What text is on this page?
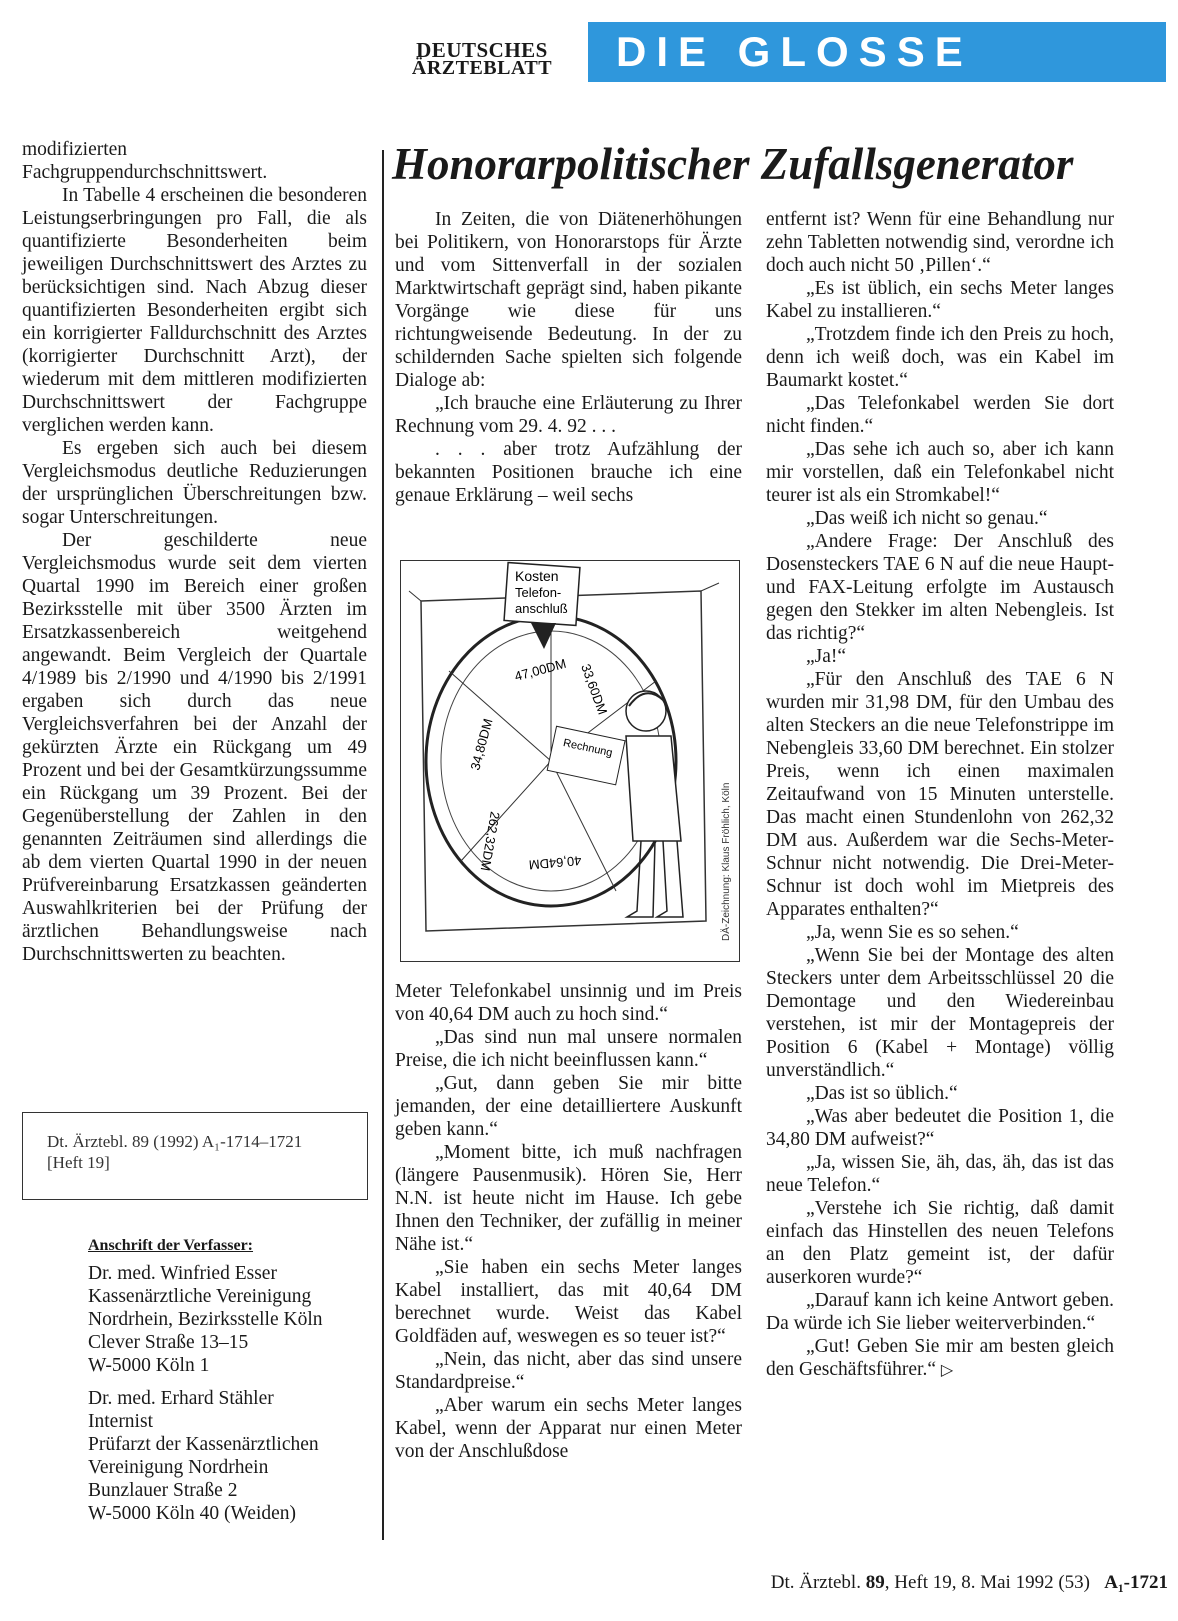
DEUTSCHES
ÄRZTEBLATT	DIE GLOSSE
Honorarpolitischer Zufallsgenerator

modifizierten Fachgruppendurchschnittswert.

In Tabelle 4 erscheinen die besonderen Leistungserbringungen pro Fall, die als quantifizierte Besonderheiten beim jeweiligen Durchschnittswert des Arztes zu berücksichtigen sind. Nach Abzug dieser quantifizierten Besonderheiten ergibt sich ein korrigierter Falldurchschnitt des Arztes (korrigierter Durchschnitt Arzt), der wiederum mit dem mittleren modifizierten Durchschnittswert der Fachgruppe verglichen werden kann.

Es ergeben sich auch bei diesem Vergleichsmodus deutliche Reduzierungen der ursprünglichen Überschreitungen bzw. sogar Unterschreitungen.

Der geschilderte neue Vergleichsmodus wurde seit dem vierten Quartal 1990 im Bereich einer großen Bezirksstelle mit über 3500 Ärzten im Ersatzkassenbereich weitgehend angewandt. Beim Vergleich der Quartale 4/1989 bis 2/1990 und 4/1990 bis 2/1991 ergaben sich durch das neue Vergleichsverfahren bei der Anzahl der gekürzten Ärzte ein Rückgang um 49 Prozent und bei der Gesamtkürzungssumme ein Rückgang um 39 Prozent. Bei der Gegenüberstellung der Zahlen in den genannten Zeiträumen sind allerdings die ab dem vierten Quartal 1990 in der neuen Prüfvereinbarung Ersatzkassen geänderten Auswahlkriterien bei der Prüfung der ärztlichen Behandlungsweise nach Durchschnittswerten zu beachten.

Dt. Ärztebl. 89 (1992) A₁-1714–1721
[Heft 19]
Anschrift der Verfasser:
Dr. med. Winfried Esser
Kassenärztliche Vereinigung
Nordrhein, Bezirksstelle Köln
Clever Straße 13–15
W-5000 Köln 1
Dr. med. Erhard Stähler
Internist
Prüfarzt der Kassenärztlichen
Vereinigung Nordrhein
Bunzlauer Straße 2
W-5000 Köln 40 (Weiden)

In Zeiten, die von Diätenerhöhungen bei Politikern, von Honorarstops für Ärzte und vom Sittenverfall in der sozialen Marktwirtschaft geprägt sind, haben pikante Vorgänge wie diese für uns richtungweisende Bedeutung. In der zu schildernden Sache spielten sich folgende Dialoge ab:

„Ich brauche eine Erläuterung zu Ihrer Rechnung vom 29. 4. 92 . . .

. . . aber trotz Aufzählung der bekannten Positionen brauche ich eine genaue Erklärung – weil sechs

Kosten
Telefon-
anschluß
47,00DM 33,60DM
34,80DM
262,32DM 40,64DM
Rechnung
DÄ-Zeichnung: Klaus Fröhlich, Köln

Meter Telefonkabel unsinnig und im Preis von 40,64 DM auch zu hoch sind.“

„Das sind nun mal unsere normalen Preise, die ich nicht beeinflussen kann.“

„Gut, dann geben Sie mir bitte jemanden, der eine detailliertere Auskunft geben kann.“

„Moment bitte, ich muß nachfragen (längere Pausenmusik). Hören Sie, Herr N.N. ist heute nicht im Hause. Ich gebe Ihnen den Techniker, der zufällig in meiner Nähe ist.“

„Sie haben ein sechs Meter langes Kabel installiert, das mit 40,64 DM berechnet wurde. Weist das Kabel Goldfäden auf, weswegen es so teuer ist?“

„Nein, das nicht, aber das sind unsere Standardpreise.“

„Aber warum ein sechs Meter langes Kabel, wenn der Apparat nur einen Meter von der Anschlußdose

entfernt ist? Wenn für eine Behandlung nur zehn Tabletten notwendig sind, verordne ich doch auch nicht 50 ‚Pillen‘.“

„Es ist üblich, ein sechs Meter langes Kabel zu installieren.“

„Trotzdem finde ich den Preis zu hoch, denn ich weiß doch, was ein Kabel im Baumarkt kostet.“

„Das Telefonkabel werden Sie dort nicht finden.“

„Das sehe ich auch so, aber ich kann mir vorstellen, daß ein Telefonkabel nicht teurer ist als ein Stromkabel!“

„Das weiß ich nicht so genau.“

„Andere Frage: Der Anschluß des Dosensteckers TAE 6 N auf die neue Haupt- und FAX-Leitung erfolgte im Austausch gegen den Stekker im alten Nebengleis. Ist das richtig?“

„Ja!“

„Für den Anschluß des TAE 6 N wurden mir 31,98 DM, für den Umbau des alten Steckers an die neue Telefonstrippe im Nebengleis 33,60 DM berechnet. Ein stolzer Preis, wenn ich einen maximalen Zeitaufwand von 15 Minuten unterstelle. Das macht einen Stundenlohn von 262,32 DM aus. Außerdem war die Sechs-Meter-Schnur nicht notwendig. Die Drei-Meter-Schnur ist doch wohl im Mietpreis des Apparates enthalten?“

„Ja, wenn Sie es so sehen.“

„Wenn Sie bei der Montage des alten Steckers unter dem Arbeitsschlüssel 20 die Demontage und den Wiedereinbau verstehen, ist mir der Montagepreis der Position 6 (Kabel + Montage) völlig unverständlich.“

„Das ist so üblich.“

„Was aber bedeutet die Position 1, die 34,80 DM aufweist?“

„Ja, wissen Sie, äh, das, äh, das ist das neue Telefon.“

„Verstehe ich Sie richtig, daß damit einfach das Hinstellen des neuen Telefons an den Platz gemeint ist, der dafür auserkoren wurde?“

„Darauf kann ich keine Antwort geben. Da würde ich Sie lieber weiterverbinden.“

„Gut! Geben Sie mir am besten gleich den Geschäftsführer.“ ▷

Dt. Ärztebl. 89, Heft 19, 8. Mai 1992 (53) A₁-1721
